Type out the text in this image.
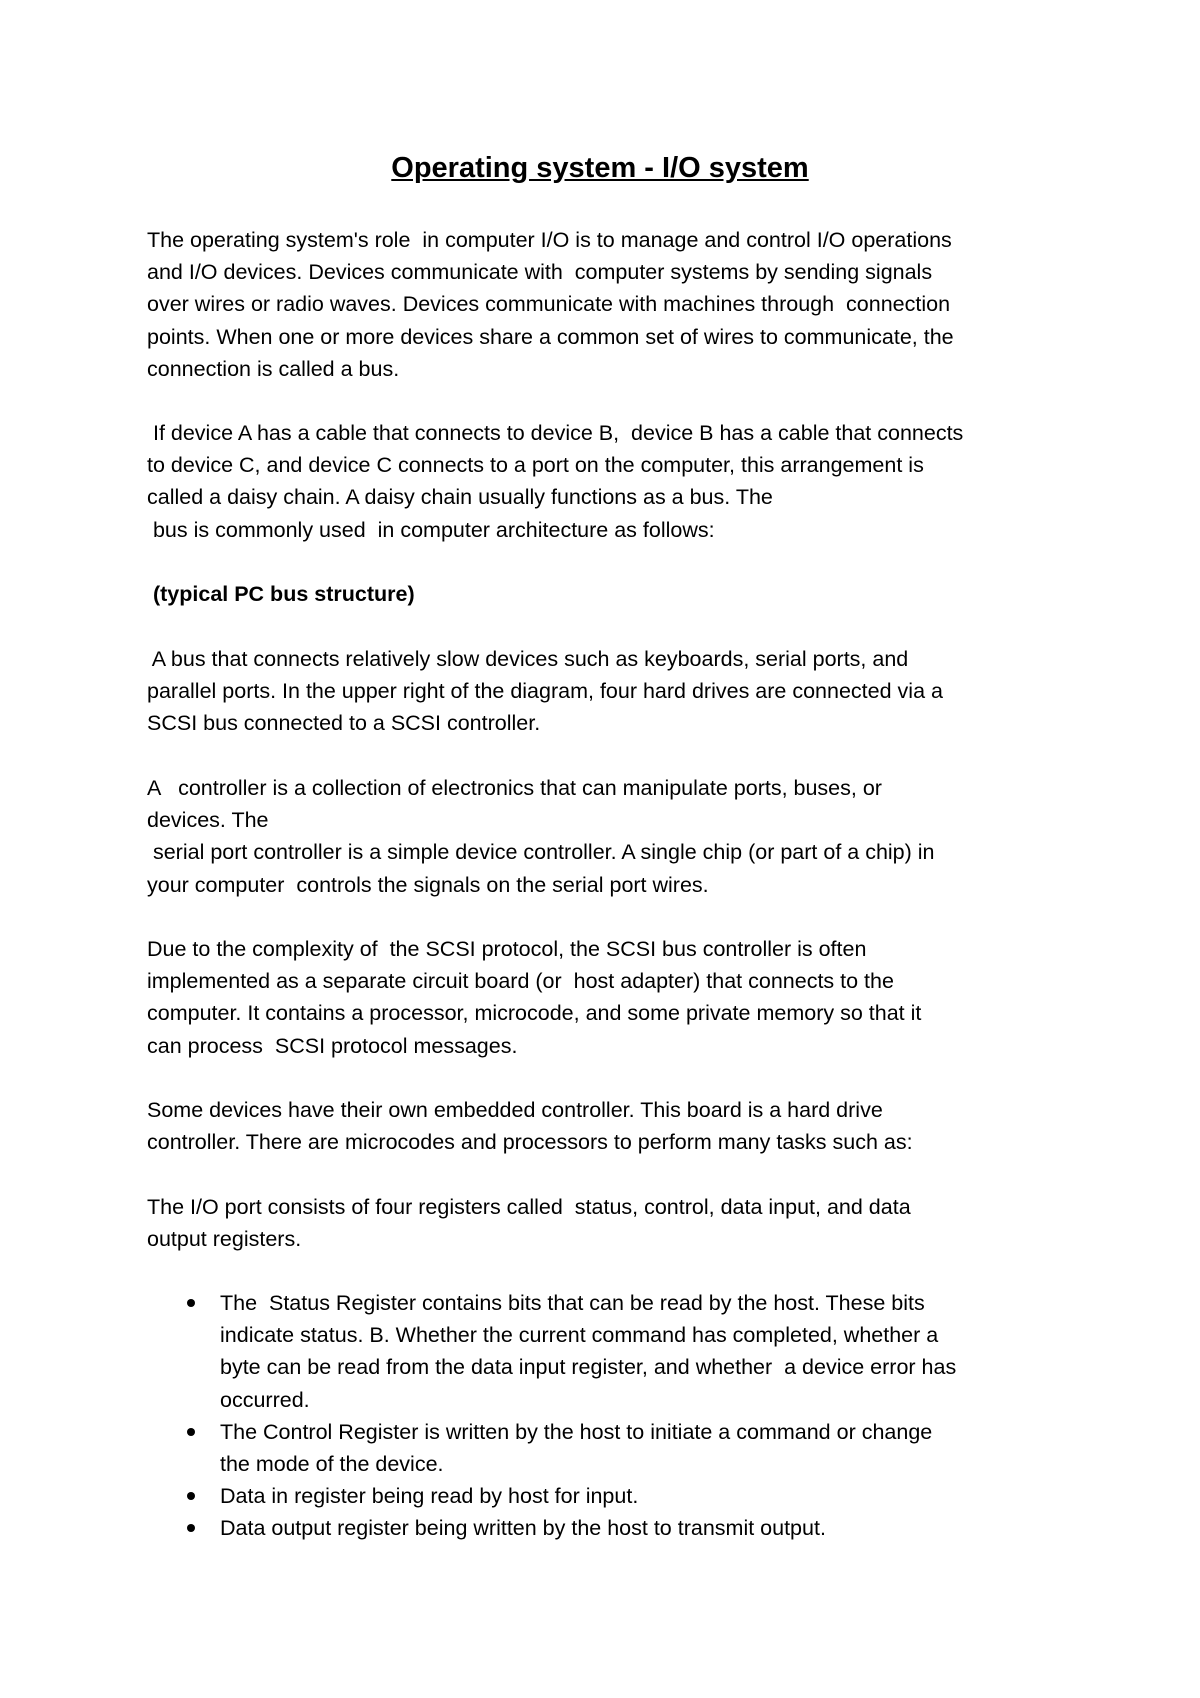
Operating system - I/O system

The operating system's role  in computer I/O is to manage and control I/O operations
and I/O devices. Devices communicate with  computer systems by sending signals
over wires or radio waves. Devices communicate with machines through  connection
points. When one or more devices share a common set of wires to communicate, the
connection is called a bus.

If device A has a cable that connects to device B,  device B has a cable that connects
to device C, and device C connects to a port on the computer, this arrangement is
called a daisy chain. A daisy chain usually functions as a bus. The
bus is commonly used  in computer architecture as follows:

(typical PC bus structure)

A bus that connects relatively slow devices such as keyboards, serial ports, and
parallel ports. In the upper right of the diagram, four hard drives are connected via a
SCSI bus connected to a SCSI controller.

A   controller is a collection of electronics that can manipulate ports, buses, or
devices. The
serial port controller is a simple device controller. A single chip (or part of a chip) in
your computer  controls the signals on the serial port wires.

Due to the complexity of  the SCSI protocol, the SCSI bus controller is often
implemented as a separate circuit board (or  host adapter) that connects to the
computer. It contains a processor, microcode, and some private memory so that it
can process  SCSI protocol messages.

Some devices have their own embedded controller. This board is a hard drive
controller. There are microcodes and processors to perform many tasks such as:

The I/O port consists of four registers called  status, control, data input, and data
output registers.

The  Status Register contains bits that can be read by the host. These bits
indicate status. B. Whether the current command has completed, whether a
byte can be read from the data input register, and whether  a device error has
occurred.
The Control Register is written by the host to initiate a command or change
the mode of the device.
Data in register being read by host for input.
Data output register being written by the host to transmit output.
